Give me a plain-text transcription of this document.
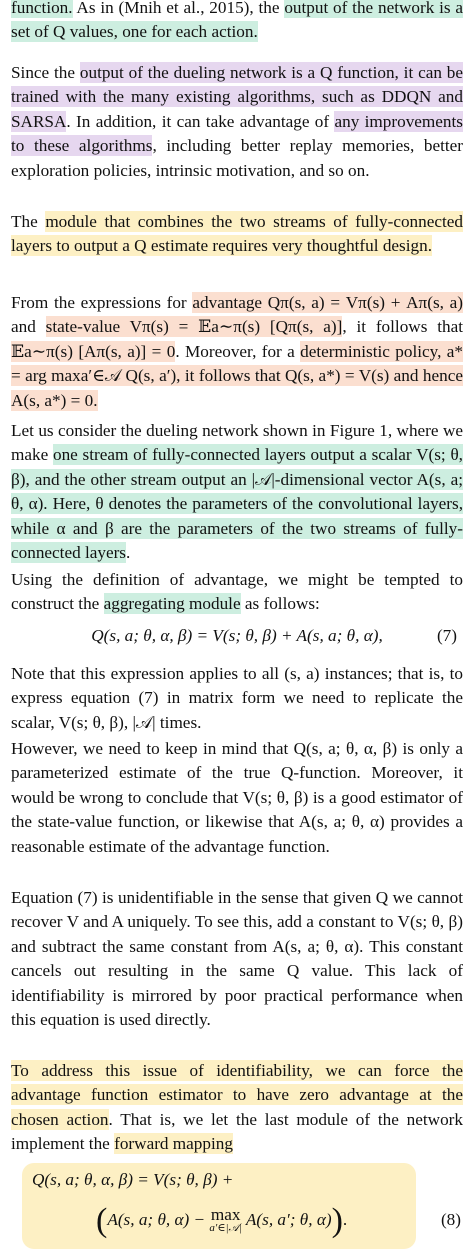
function. As in (Mnih et al., 2015), the output of the network is a set of Q values, one for each action.

Since the output of the dueling network is a Q function, it can be trained with the many existing algorithms, such as DDQN and SARSA. In addition, it can take advantage of any improvements to these algorithms, including better replay memories, better exploration policies, intrinsic motivation, and so on.

The module that combines the two streams of fully-connected layers to output a Q estimate requires very thoughtful design.

From the expressions for advantage Qπ(s, a) = Vπ(s) + Aπ(s, a) and state-value Vπ(s) = 𝔼a∼π(s) [Qπ(s, a)], it follows that 𝔼a∼π(s) [Aπ(s, a)] = 0. Moreover, for a deterministic policy, a* = arg maxa′∈𝒜 Q(s, a′), it follows that Q(s, a*) = V(s) and hence A(s, a*) = 0.

Let us consider the dueling network shown in Figure 1, where we make one stream of fully-connected layers output a scalar V(s; θ, β), and the other stream output an |𝒜|-dimensional vector A(s, a; θ, α). Here, θ denotes the parameters of the convolutional layers, while α and β are the parameters of the two streams of fully-connected layers.

Using the definition of advantage, we might be tempted to construct the aggregating module as follows:

Q(s, a; θ, α, β) = V(s; θ, β) + A(s, a; θ, α),	(7)

Note that this expression applies to all (s, a) instances; that is, to express equation (7) in matrix form we need to replicate the scalar, V(s; θ, β), |𝒜| times.

However, we need to keep in mind that Q(s, a; θ, α, β) is only a parameterized estimate of the true Q-function. Moreover, it would be wrong to conclude that V(s; θ, β) is a good estimator of the state-value function, or likewise that A(s, a; θ, α) provides a reasonable estimate of the advantage function.

Equation (7) is unidentifiable in the sense that given Q we cannot recover V and A uniquely. To see this, add a constant to V(s; θ, β) and subtract the same constant from A(s, a; θ, α). This constant cancels out resulting in the same Q value. This lack of identifiability is mirrored by poor practical performance when this equation is used directly.

To address this issue of identifiability, we can force the advantage function estimator to have zero advantage at the chosen action. That is, we let the last module of the network implement the forward mapping

Q(s, a; θ, α, β) = V(s; θ, β) +
(A(s, a; θ, α) − max
a′∈|𝒜| A(s, a′; θ, α)).	(8)
